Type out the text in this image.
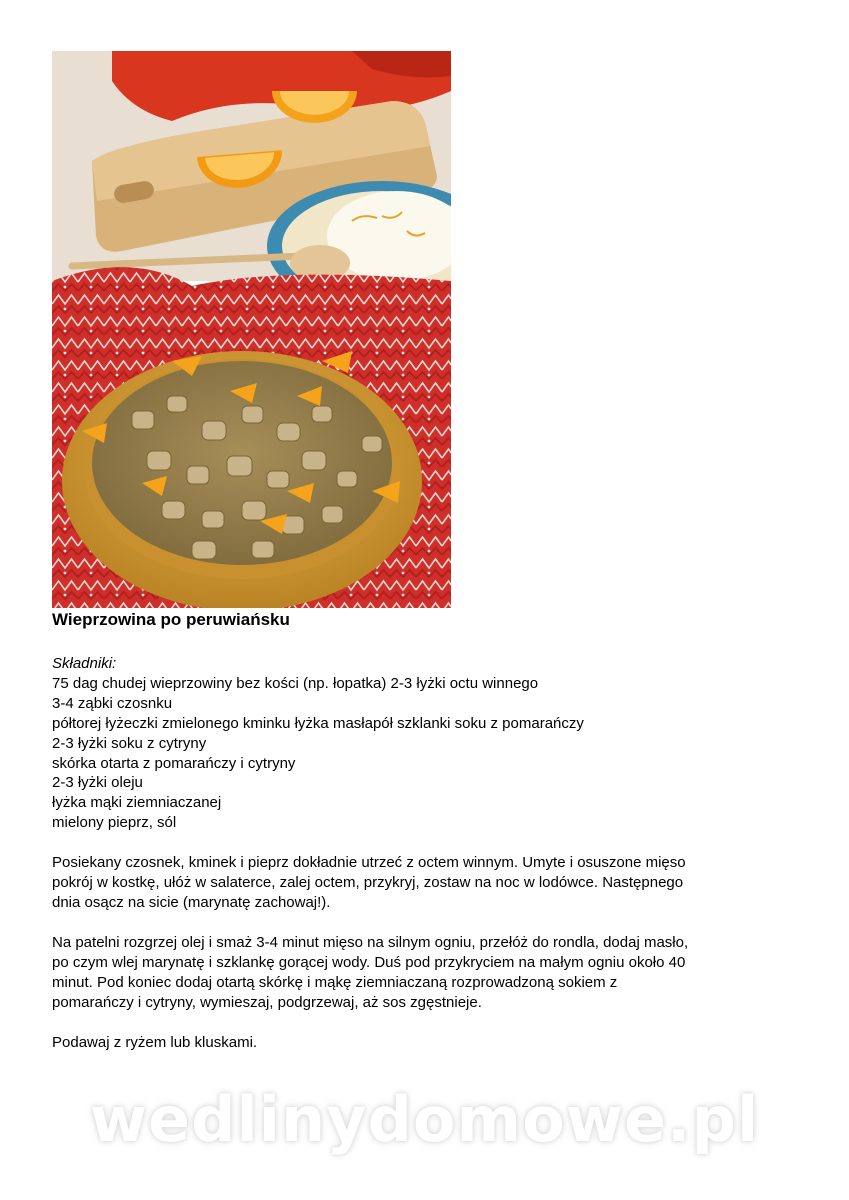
Wieprzowina po peruwiańsku
Składniki:
75 dag chudej wieprzowiny bez kości (np. łopatka) 2-3 łyżki octu winnego
3-4 ząbki czosnku
półtorej łyżeczki zmielonego kminku łyżka masłapół szklanki soku z pomarańczy
2-3 łyżki soku z cytryny
skórka otarta z pomarańczy i cytryny
2-3 łyżki oleju
łyżka mąki ziemniaczanej
mielony pieprz, sól

Posiekany czosnek, kminek i pieprz dokładnie utrzeć z octem winnym. Umyte i osuszone mięso
pokrój w kostkę, ułóż w salaterce, zalej octem, przykryj, zostaw na noc w lodówce. Następnego
dnia osącz na sicie (marynatę zachowaj!).

Na patelni rozgrzej olej i smaż 3-4 minut mięso na silnym ogniu, przełóż do rondla, dodaj masło,
po czym wlej marynatę i szklankę gorącej wody. Duś pod przykryciem na małym ogniu około 40
minut. Pod koniec dodaj otartą skórkę i mąkę ziemniaczaną rozprowadzoną sokiem z
pomarańczy i cytryny, wymieszaj, podgrzewaj, aż sos zgęstnieje.

Podawaj z ryżem lub kluskami.

wedlinydomowe.pl
